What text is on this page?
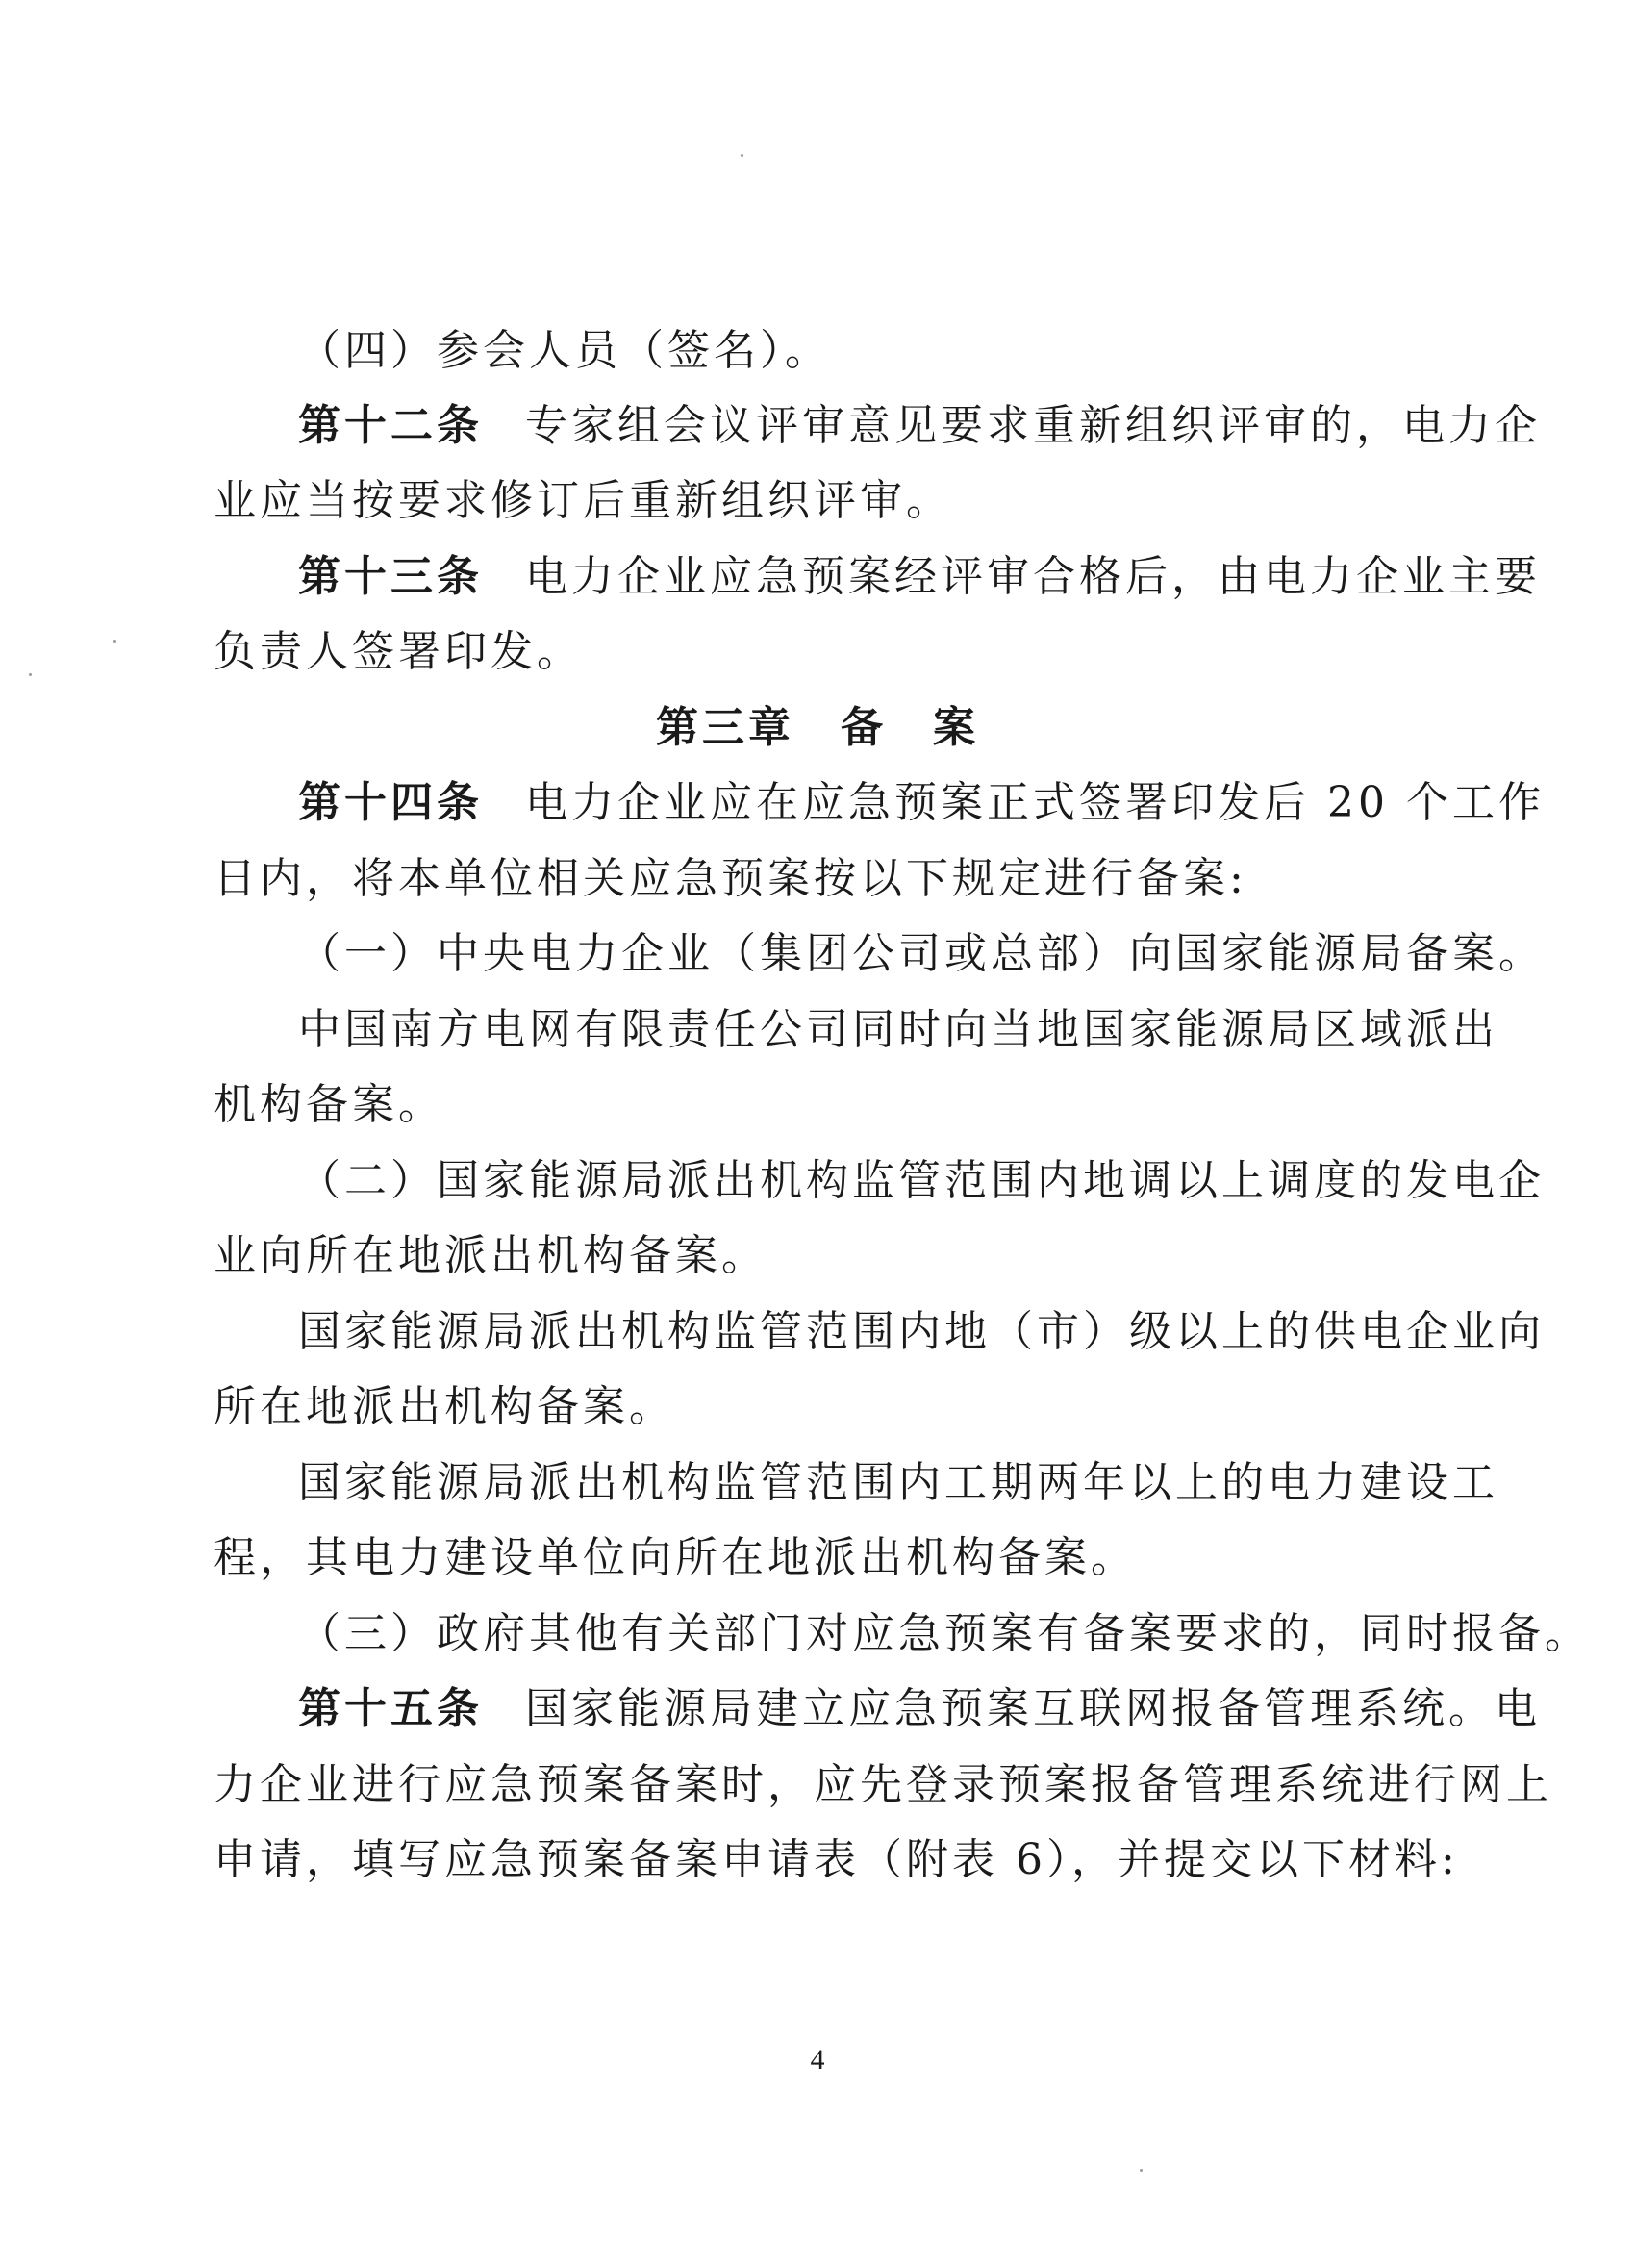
（四）参会人员（签名）。
第十二条 专家组会议评审意见要求重新组织评审的，电力企
业应当按要求修订后重新组织评审。
第十三条 电力企业应急预案经评审合格后，由电力企业主要
负责人签署印发。
第三章　备　案
第十四条 电力企业应在应急预案正式签署印发后 20 个工作
日内，将本单位相关应急预案按以下规定进行备案:
（一）中央电力企业（集团公司或总部）向国家能源局备案。
中国南方电网有限责任公司同时向当地国家能源局区域派出
机构备案。
（二）国家能源局派出机构监管范围内地调以上调度的发电企
业向所在地派出机构备案。
国家能源局派出机构监管范围内地（市）级以上的供电企业向
所在地派出机构备案。
国家能源局派出机构监管范围内工期两年以上的电力建设工
程，其电力建设单位向所在地派出机构备案。
（三）政府其他有关部门对应急预案有备案要求的，同时报备。
第十五条 国家能源局建立应急预案互联网报备管理系统。电
力企业进行应急预案备案时，应先登录预案报备管理系统进行网上
申请，填写应急预案备案申请表（附表 6），并提交以下材料:
4
